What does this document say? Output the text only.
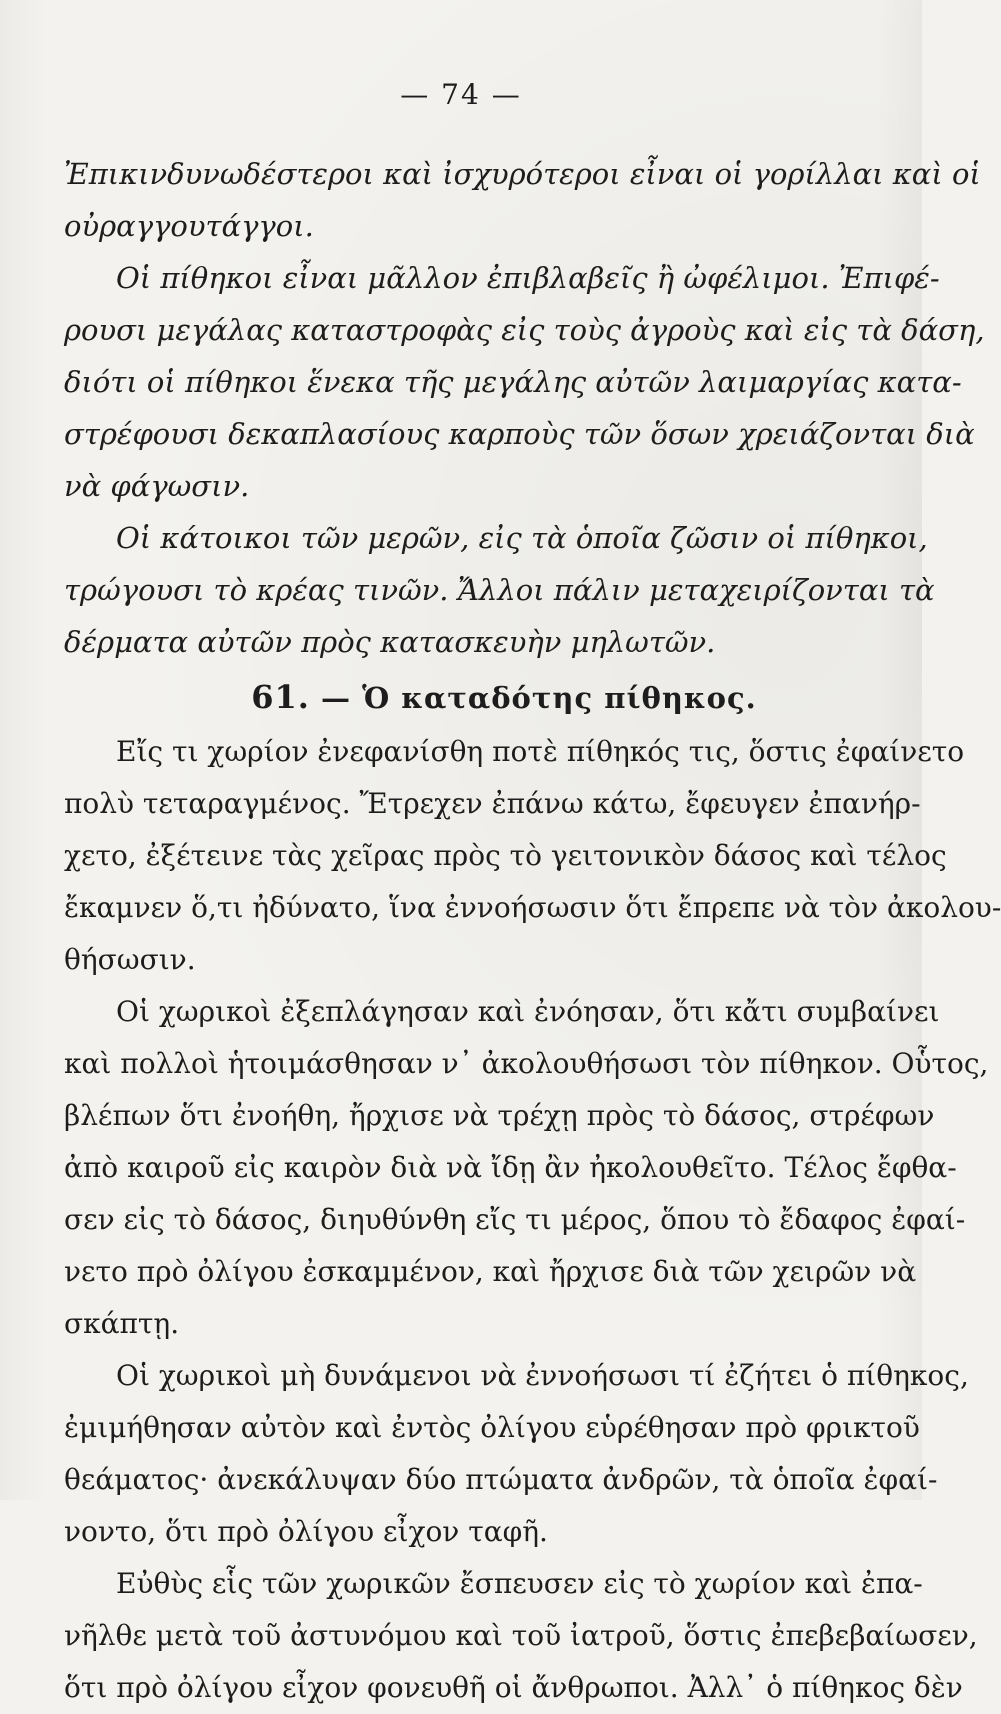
— 74 —
Ἐπικινδυνωδέστεροι καὶ ἰσχυρότεροι εἶναι οἱ γορίλλαι καὶ οἱ
οὐραγγουτάγγοι.
Οἱ πίθηκοι εἶναι μᾶλλον ἐπιβλαβεῖς ἢ ὠφέλιμοι. Ἐπιφέ-
ρουσι μεγάλας καταστροφὰς εἰς τοὺς ἀγροὺς καὶ εἰς τὰ δάση,
διότι οἱ πίθηκοι ἕνεκα τῆς μεγάλης αὐτῶν λαιμαργίας κατα-
στρέφουσι δεκαπλασίους καρποὺς τῶν ὅσων χρειάζονται διὰ
νὰ φάγωσιν.
Οἱ κάτοικοι τῶν μερῶν, εἰς τὰ ὁποῖα ζῶσιν οἱ πίθηκοι,
τρώγουσι τὸ κρέας τινῶν. Ἄλλοι πάλιν μεταχειρίζονται τὰ
δέρματα αὐτῶν πρὸς κατασκευὴν μηλωτῶν.
61. — Ὁ καταδότης πίθηκος.
Εἴς τι χωρίον ἐνεφανίσθη ποτὲ πίθηκός τις, ὅστις ἐφαίνετο
πολὺ τεταραγμένος. Ἔτρεχεν ἐπάνω κάτω, ἔφευγεν ἐπανήρ-
χετο, ἐξέτεινε τὰς χεῖρας πρὸς τὸ γειτονικὸν δάσος καὶ τέλος
ἔκαμνεν ὅ,τι ἠδύνατο, ἵνα ἐννοήσωσιν ὅτι ἔπρεπε νὰ τὸν ἀκολου-
θήσωσιν.
Οἱ χωρικοὶ ἐξεπλάγησαν καὶ ἐνόησαν, ὅτι κἄτι συμβαίνει
καὶ πολλοὶ ἡτοιμάσθησαν ν᾽ ἀκολουθήσωσι τὸν πίθηκον. Οὗτος,
βλέπων ὅτι ἐνοήθη, ἤρχισε νὰ τρέχῃ πρὸς τὸ δάσος, στρέφων
ἀπὸ καιροῦ εἰς καιρὸν διὰ νὰ ἴδῃ ἂν ἠκολουθεῖτο. Τέλος ἔφθα-
σεν εἰς τὸ δάσος, διηυθύνθη εἴς τι μέρος, ὅπου τὸ ἔδαφος ἐφαί-
νετο πρὸ ὀλίγου ἐσκαμμένον, καὶ ἤρχισε διὰ τῶν χειρῶν νὰ
σκάπτῃ.
Οἱ χωρικοὶ μὴ δυνάμενοι νὰ ἐννοήσωσι τί ἐζήτει ὁ πίθηκος,
ἐμιμήθησαν αὐτὸν καὶ ἐντὸς ὀλίγου εὑρέθησαν πρὸ φρικτοῦ
θεάματος· ἀνεκάλυψαν δύο πτώματα ἀνδρῶν, τὰ ὁποῖα ἐφαί-
νοντο, ὅτι πρὸ ὀλίγου εἶχον ταφῆ.
Εὐθὺς εἷς τῶν χωρικῶν ἔσπευσεν εἰς τὸ χωρίον καὶ ἐπα-
νῆλθε μετὰ τοῦ ἀστυνόμου καὶ τοῦ ἰατροῦ, ὅστις ἐπεβεβαίωσεν,
ὅτι πρὸ ὀλίγου εἶχον φονευθῆ οἱ ἄνθρωποι. Ἀλλ᾽ ὁ πίθηκος δὲν
